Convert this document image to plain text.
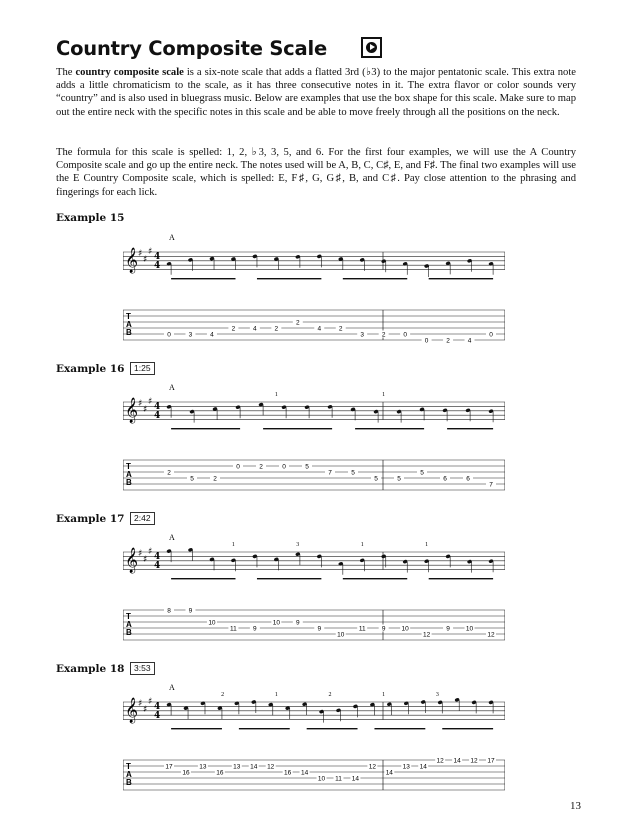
Country Composite Scale

The country composite scale is a six-note scale that adds a flatted 3rd (♭3) to the major pentatonic scale. This extra note adds a little chromaticism to the scale, as it has three consecutive notes in it. The extra flavor or color sounds very “country” and is also used in bluegrass music. Below are examples that use the box shape for this scale. Make sure to map out the entire neck with the specific notes in this scale and be able to move freely through all the positions on the neck.

The formula for this scale is spelled: 1, 2, ♭3, 3, 5, and 6. For the first four examples, we will use the A Country Composite scale and go up the entire neck. The notes used will be A, B, C, C♯, E, and F♯. The final two examples will use the E Country Composite scale, which is spelled: E, F♯, G, G♯, B, and C♯. Pay close attention to the phrasing and fingerings for each lick.

Example 15
𝄞 ♯
♯
♯ 4
4
T
A
B
A
0	3	4
2	4	2
2
4	2
3	2	0
0	2	4
0
Example 16	1:25
𝄞 ♯
♯
♯ 4
4
T
A
B
A
2
5	2
0	2	0	5
7	5
5	5
5
6	6
7
1	1
Example 17	2:42
𝄞 ♯
♯
♯ 4
4
T
A
B
A
8	9
10
11	9
10 9
9
10
11	9 10
12
9 10
12
1	3	1	1
Example 18	3:53
𝄞 ♯
♯
♯ 4
4
T
A
B
A
17
16
13
16
13 14 12
16 14
10 11 14
12
14
13 14
12 14 12 17
2	1	2	1	3
13
